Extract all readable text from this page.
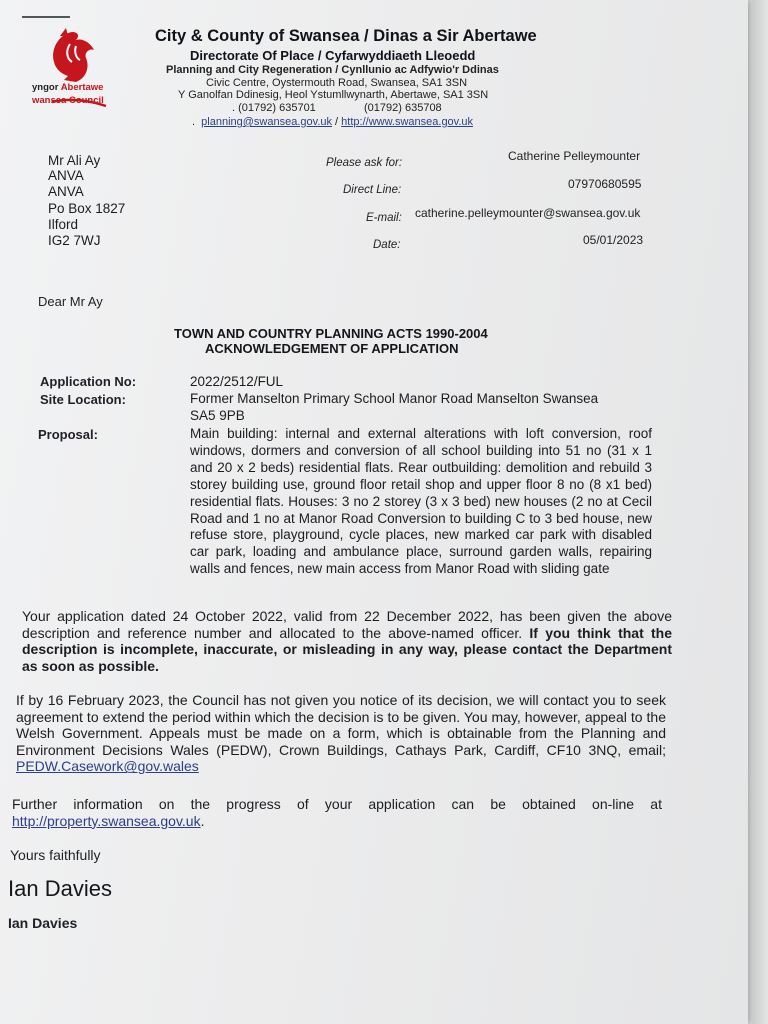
yngor Abertawe
wansea Council
City & County of Swansea / Dinas a Sir Abertawe
Directorate Of Place / Cyfarwyddiaeth Lleoedd
Planning and City Regeneration / Cynllunio ac Adfywio'r Ddinas
Civic Centre, Oystermouth Road, Swansea, SA1 3SN
Y Ganolfan Ddinesig, Heol Ystumllwynarth, Abertawe, SA1 3SN
. (01792) 635701	(01792) 635708
.  planning@swansea.gov.uk / http://www.swansea.gov.uk
Mr Ali Ay
ANVA
ANVA
Po Box 1827
Ilford
IG2 7WJ
Please ask for:	Catherine Pelleymounter
Direct Line:	07970680595
E-mail: catherine.pelleymounter@swansea.gov.uk
Date:	05/01/2023
Dear Mr Ay
TOWN AND COUNTRY PLANNING ACTS 1990-2004
ACKNOWLEDGEMENT OF APPLICATION
Application No:	2022/2512/FUL
Site Location:	Former Manselton Primary School Manor Road Manselton Swansea
SA5 9PB
Proposal:	Main building: internal and external alterations with loft conversion, roof windows, dormers and conversion of all school building into 51 no (31 x 1 and 20 x 2 beds) residential flats. Rear outbuilding: demolition and rebuild 3 storey building use, ground floor retail shop and upper floor 8 no (8 x1 bed) residential flats. Houses: 3 no 2 storey (3 x 3 bed) new houses (2 no at Cecil Road and 1 no at Manor Road Conversion to building C to 3 bed house, new refuse store, playground, cycle places, new marked car park with disabled car park, loading and ambulance place, surround garden walls, repairing walls and fences, new main access from Manor Road with sliding gate
Your application dated 24 October 2022, valid from 22 December 2022, has been given the above description and reference number and allocated to the above-named officer. If you think that the description is incomplete, inaccurate, or misleading in any way, please contact the Department as soon as possible.
If by 16 February 2023, the Council has not given you notice of its decision, we will contact you to seek agreement to extend the period within which the decision is to be given. You may, however, appeal to the Welsh Government. Appeals must be made on a form, which is obtainable from the Planning and Environment Decisions Wales (PEDW), Crown Buildings, Cathays Park, Cardiff, CF10 3NQ, email; PEDW.Casework@gov.wales
Further information on the progress of your application can be obtained on-line at http://property.swansea.gov.uk.
Yours faithfully
Ian Davies
Ian Davies
